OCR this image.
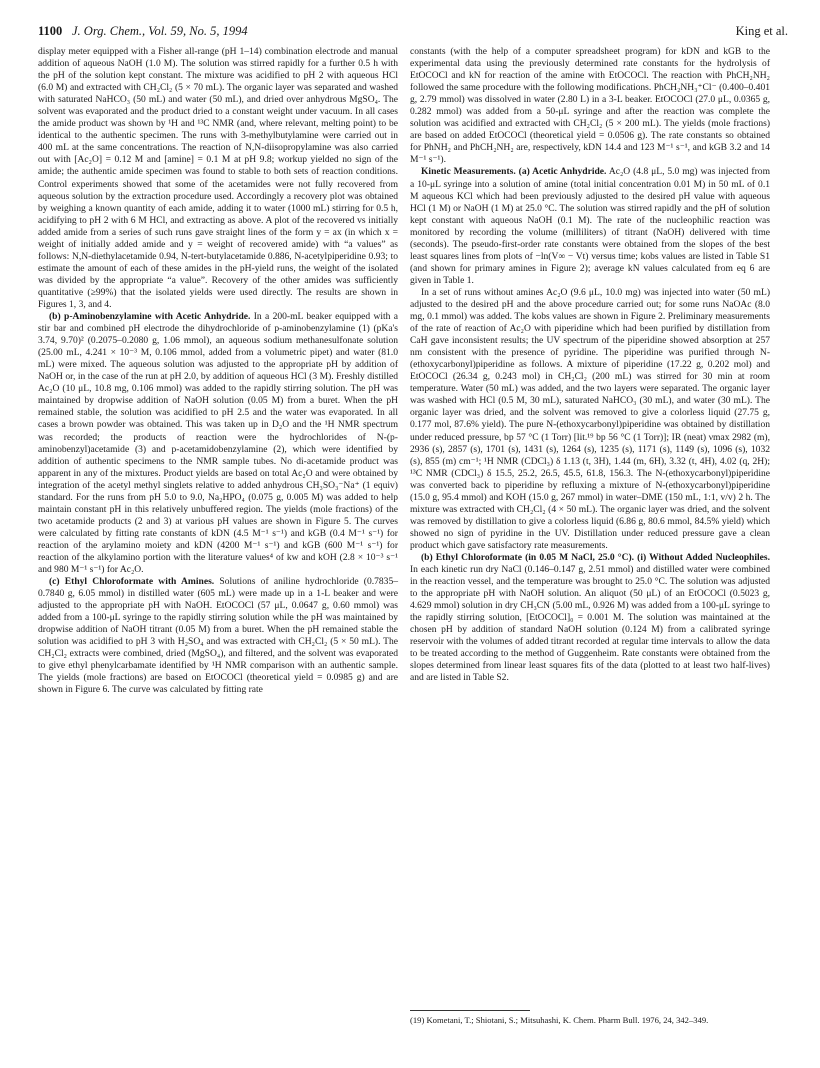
1100 J. Org. Chem., Vol. 59, No. 5, 1994	King et al.

display meter equipped with a Fisher all-range (pH 1–14) combination electrode and manual addition of aqueous NaOH (1.0 M). The solution was stirred rapidly for a further 0.5 h with the pH of the solution kept constant. The mixture was acidified to pH 2 with aqueous HCl (6.0 M) and extracted with CH₂Cl₂ (5 × 70 mL). The organic layer was separated and washed with saturated NaHCO₃ (50 mL) and water (50 mL), and dried over anhydrous MgSO₄. The solvent was evaporated and the product dried to a constant weight under vacuum. In all cases the amide product was shown by ¹H and ¹³C NMR (and, where relevant, melting point) to be identical to the authentic specimen. The runs with 3-methylbutylamine were carried out in 400 mL at the same concentrations. The reaction of N,N-diisopropylamine was also carried out with [Ac₂O] = 0.12 M and [amine] = 0.1 M at pH 9.8; workup yielded no sign of the amide; the authentic amide specimen was found to stable to both sets of reaction conditions. Control experiments showed that some of the acetamides were not fully recovered from aqueous solution by the extraction procedure used. Accordingly a recovery plot was obtained by weighing a known quantity of each amide, adding it to water (1000 mL) stirring for 0.5 h, acidifying to pH 2 with 6 M HCl, and extracting as above. A plot of the recovered vs initially added amide from a series of such runs gave straight lines of the form y = ax (in which x = weight of initially added amide and y = weight of recovered amide) with “a values” as follows: N,N-diethylacetamide 0.94, N-tert-butylacetamide 0.886, N-acetylpiperidine 0.93; to estimate the amount of each of these amides in the pH-yield runs, the weight of the isolated was divided by the appropriate “a value”. Recovery of the other amides was sufficiently quantitative (≥99%) that the isolated yields were used directly. The results are shown in Figures 1, 3, and 4.

(b) p-Aminobenzylamine with Acetic Anhydride. In a 200-mL beaker equipped with a stir bar and combined pH electrode the dihydrochloride of p-aminobenzylamine (1) (pKa's 3.74, 9.70)² (0.2075–0.2080 g, 1.06 mmol), an aqueous sodium methanesulfonate solution (25.00 mL, 4.241 × 10⁻³ M, 0.106 mmol, added from a volumetric pipet) and water (81.0 mL) were mixed. The aqueous solution was adjusted to the appropriate pH by addition of NaOH or, in the case of the run at pH 2.0, by addition of aqueous HCl (3 M). Freshly distilled Ac₂O (10 μL, 10.8 mg, 0.106 mmol) was added to the rapidly stirring solution. The pH was maintained by dropwise addition of NaOH solution (0.05 M) from a buret. When the pH remained stable, the solution was acidified to pH 2.5 and the water was evaporated. In all cases a brown powder was obtained. This was taken up in D₂O and the ¹H NMR spectrum was recorded; the products of reaction were the hydrochlorides of N-(p-aminobenzyl)acetamide (3) and p-acetamidobenzylamine (2), which were identified by addition of authentic specimens to the NMR sample tubes. No di-acetamide product was apparent in any of the mixtures. Product yields are based on total Ac₂O and were obtained by integration of the acetyl methyl singlets relative to added anhydrous CH₃SO₃⁻Na⁺ (1 equiv) standard. For the runs from pH 5.0 to 9.0, Na₂HPO₄ (0.075 g, 0.005 M) was added to help maintain constant pH in this relatively unbuffered region. The yields (mole fractions) of the two acetamide products (2 and 3) at various pH values are shown in Figure 5. The curves were calculated by fitting rate constants of kDN (4.5 M⁻¹ s⁻¹) and kGB (0.4 M⁻¹ s⁻¹) for reaction of the arylamino moiety and kDN (4200 M⁻¹ s⁻¹) and kGB (600 M⁻¹ s⁻¹) for reaction of the alkylamino portion with the literature values⁴ of kw and kOH (2.8 × 10⁻³ s⁻¹ and 980 M⁻¹ s⁻¹) for Ac₂O.

(c) Ethyl Chloroformate with Amines. Solutions of aniline hydrochloride (0.7835–0.7840 g, 6.05 mmol) in distilled water (605 mL) were made up in a 1-L beaker and were adjusted to the appropriate pH with NaOH. EtOCOCl (57 μL, 0.0647 g, 0.60 mmol) was added from a 100-μL syringe to the rapidly stirring solution while the pH was maintained by dropwise addition of NaOH titrant (0.05 M) from a buret. When the pH remained stable the solution was acidified to pH 3 with H₂SO₄ and was extracted with CH₂Cl₂ (5 × 50 mL). The CH₂Cl₂ extracts were combined, dried (MgSO₄), and filtered, and the solvent was evaporated to give ethyl phenylcarbamate identified by ¹H NMR comparison with an authentic sample. The yields (mole fractions) are based on EtOCOCl (theoretical yield = 0.0985 g) and are shown in Figure 6. The curve was calculated by fitting rate

constants (with the help of a computer spreadsheet program) for kDN and kGB to the experimental data using the previously determined rate constants for the hydrolysis of EtOCOCl and kN for reaction of the amine with EtOCOCl. The reaction with PhCH₂NH₂ followed the same procedure with the following modifications. PhCH₂NH₃⁺Cl⁻ (0.400–0.401 g, 2.79 mmol) was dissolved in water (2.80 L) in a 3-L beaker. EtOCOCl (27.0 μL, 0.0365 g, 0.282 mmol) was added from a 50-μL syringe and after the reaction was complete the solution was acidified and extracted with CH₂Cl₂ (5 × 200 mL). The yields (mole fractions) are based on added EtOCOCl (theoretical yield = 0.0506 g). The rate constants so obtained for PhNH₂ and PhCH₂NH₂ are, respectively, kDN 14.4 and 123 M⁻¹ s⁻¹, and kGB 3.2 and 14 M⁻¹ s⁻¹).

Kinetic Measurements. (a) Acetic Anhydride. Ac₂O (4.8 μL, 5.0 mg) was injected from a 10-μL syringe into a solution of amine (total initial concentration 0.01 M) in 50 mL of 0.1 M aqueous KCl which had been previously adjusted to the desired pH value with aqueous HCl (1 M) or NaOH (1 M) at 25.0 °C. The solution was stirred rapidly and the pH of solution kept constant with aqueous NaOH (0.1 M). The rate of the nucleophilic reaction was monitored by recording the volume (milliliters) of titrant (NaOH) delivered with time (seconds). The pseudo-first-order rate constants were obtained from the slopes of the best least squares lines from plots of −ln(V∞ − Vt) versus time; kobs values are listed in Table S1 (and shown for primary amines in Figure 2); average kN values calculated from eq 6 are given in Table 1.

In a set of runs without amines Ac₂O (9.6 μL, 10.0 mg) was injected into water (50 mL) adjusted to the desired pH and the above procedure carried out; for some runs NaOAc (8.0 mg, 0.1 mmol) was added. The kobs values are shown in Figure 2. Preliminary measurements of the rate of reaction of Ac₂O with piperidine which had been purified by distillation from CaH gave inconsistent results; the UV spectrum of the piperidine showed absorption at 257 nm consistent with the presence of pyridine. The piperidine was purified through N-(ethoxycarbonyl)piperidine as follows. A mixture of piperidine (17.22 g, 0.202 mol) and EtOCOCl (26.34 g, 0.243 mol) in CH₂Cl₂ (200 mL) was stirred for 30 min at room temperature. Water (50 mL) was added, and the two layers were separated. The organic layer was washed with HCl (0.5 M, 30 mL), saturated NaHCO₃ (30 mL), and water (30 mL). The organic layer was dried, and the solvent was removed to give a colorless liquid (27.75 g, 0.177 mol, 87.6% yield). The pure N-(ethoxycarbonyl)piperidine was obtained by distillation under reduced pressure, bp 57 °C (1 Torr) [lit.¹⁹ bp 56 °C (1 Torr)]; IR (neat) νmax 2982 (m), 2936 (s), 2857 (s), 1701 (s), 1431 (s), 1264 (s), 1235 (s), 1171 (s), 1149 (s), 1096 (s), 1032 (s), 855 (m) cm⁻¹; ¹H NMR (CDCl₃) δ 1.13 (t, 3H), 1.44 (m, 6H), 3.32 (t, 4H), 4.02 (q, 2H); ¹³C NMR (CDCl₃) δ 15.5, 25.2, 26.5, 45.5, 61.8, 156.3. The N-(ethoxycarbonyl)piperidine was converted back to piperidine by refluxing a mixture of N-(ethoxycarbonyl)piperidine (15.0 g, 95.4 mmol) and KOH (15.0 g, 267 mmol) in water–DME (150 mL, 1:1, v/v) 2 h. The mixture was extracted with CH₂Cl₂ (4 × 50 mL). The organic layer was dried, and the solvent was removed by distillation to give a colorless liquid (6.86 g, 80.6 mmol, 84.5% yield) which showed no sign of pyridine in the UV. Distillation under reduced pressure gave a clean product which gave satisfactory rate measurements.

(b) Ethyl Chloroformate (in 0.05 M NaCl, 25.0 °C). (i) Without Added Nucleophiles. In each kinetic run dry NaCl (0.146–0.147 g, 2.51 mmol) and distilled water were combined in the reaction vessel, and the temperature was brought to 25.0 °C. The solution was adjusted to the appropriate pH with NaOH solution. An aliquot (50 μL) of an EtOCOCl (0.5023 g, 4.629 mmol) solution in dry CH₃CN (5.00 mL, 0.926 M) was added from a 100-μL syringe to the rapidly stirring solution, [EtOCOCl]₀ = 0.001 M. The solution was maintained at the chosen pH by addition of standard NaOH solution (0.124 M) from a calibrated syringe reservoir with the volumes of added titrant recorded at regular time intervals to allow the data to be treated according to the method of Guggenheim. Rate constants were obtained from the slopes determined from linear least squares fits of the data (plotted to at least two half-lives) and are listed in Table S2.

(19) Kometani, T.; Shiotani, S.; Mitsuhashi, K. Chem. Pharm Bull. 1976, 24, 342–349.
